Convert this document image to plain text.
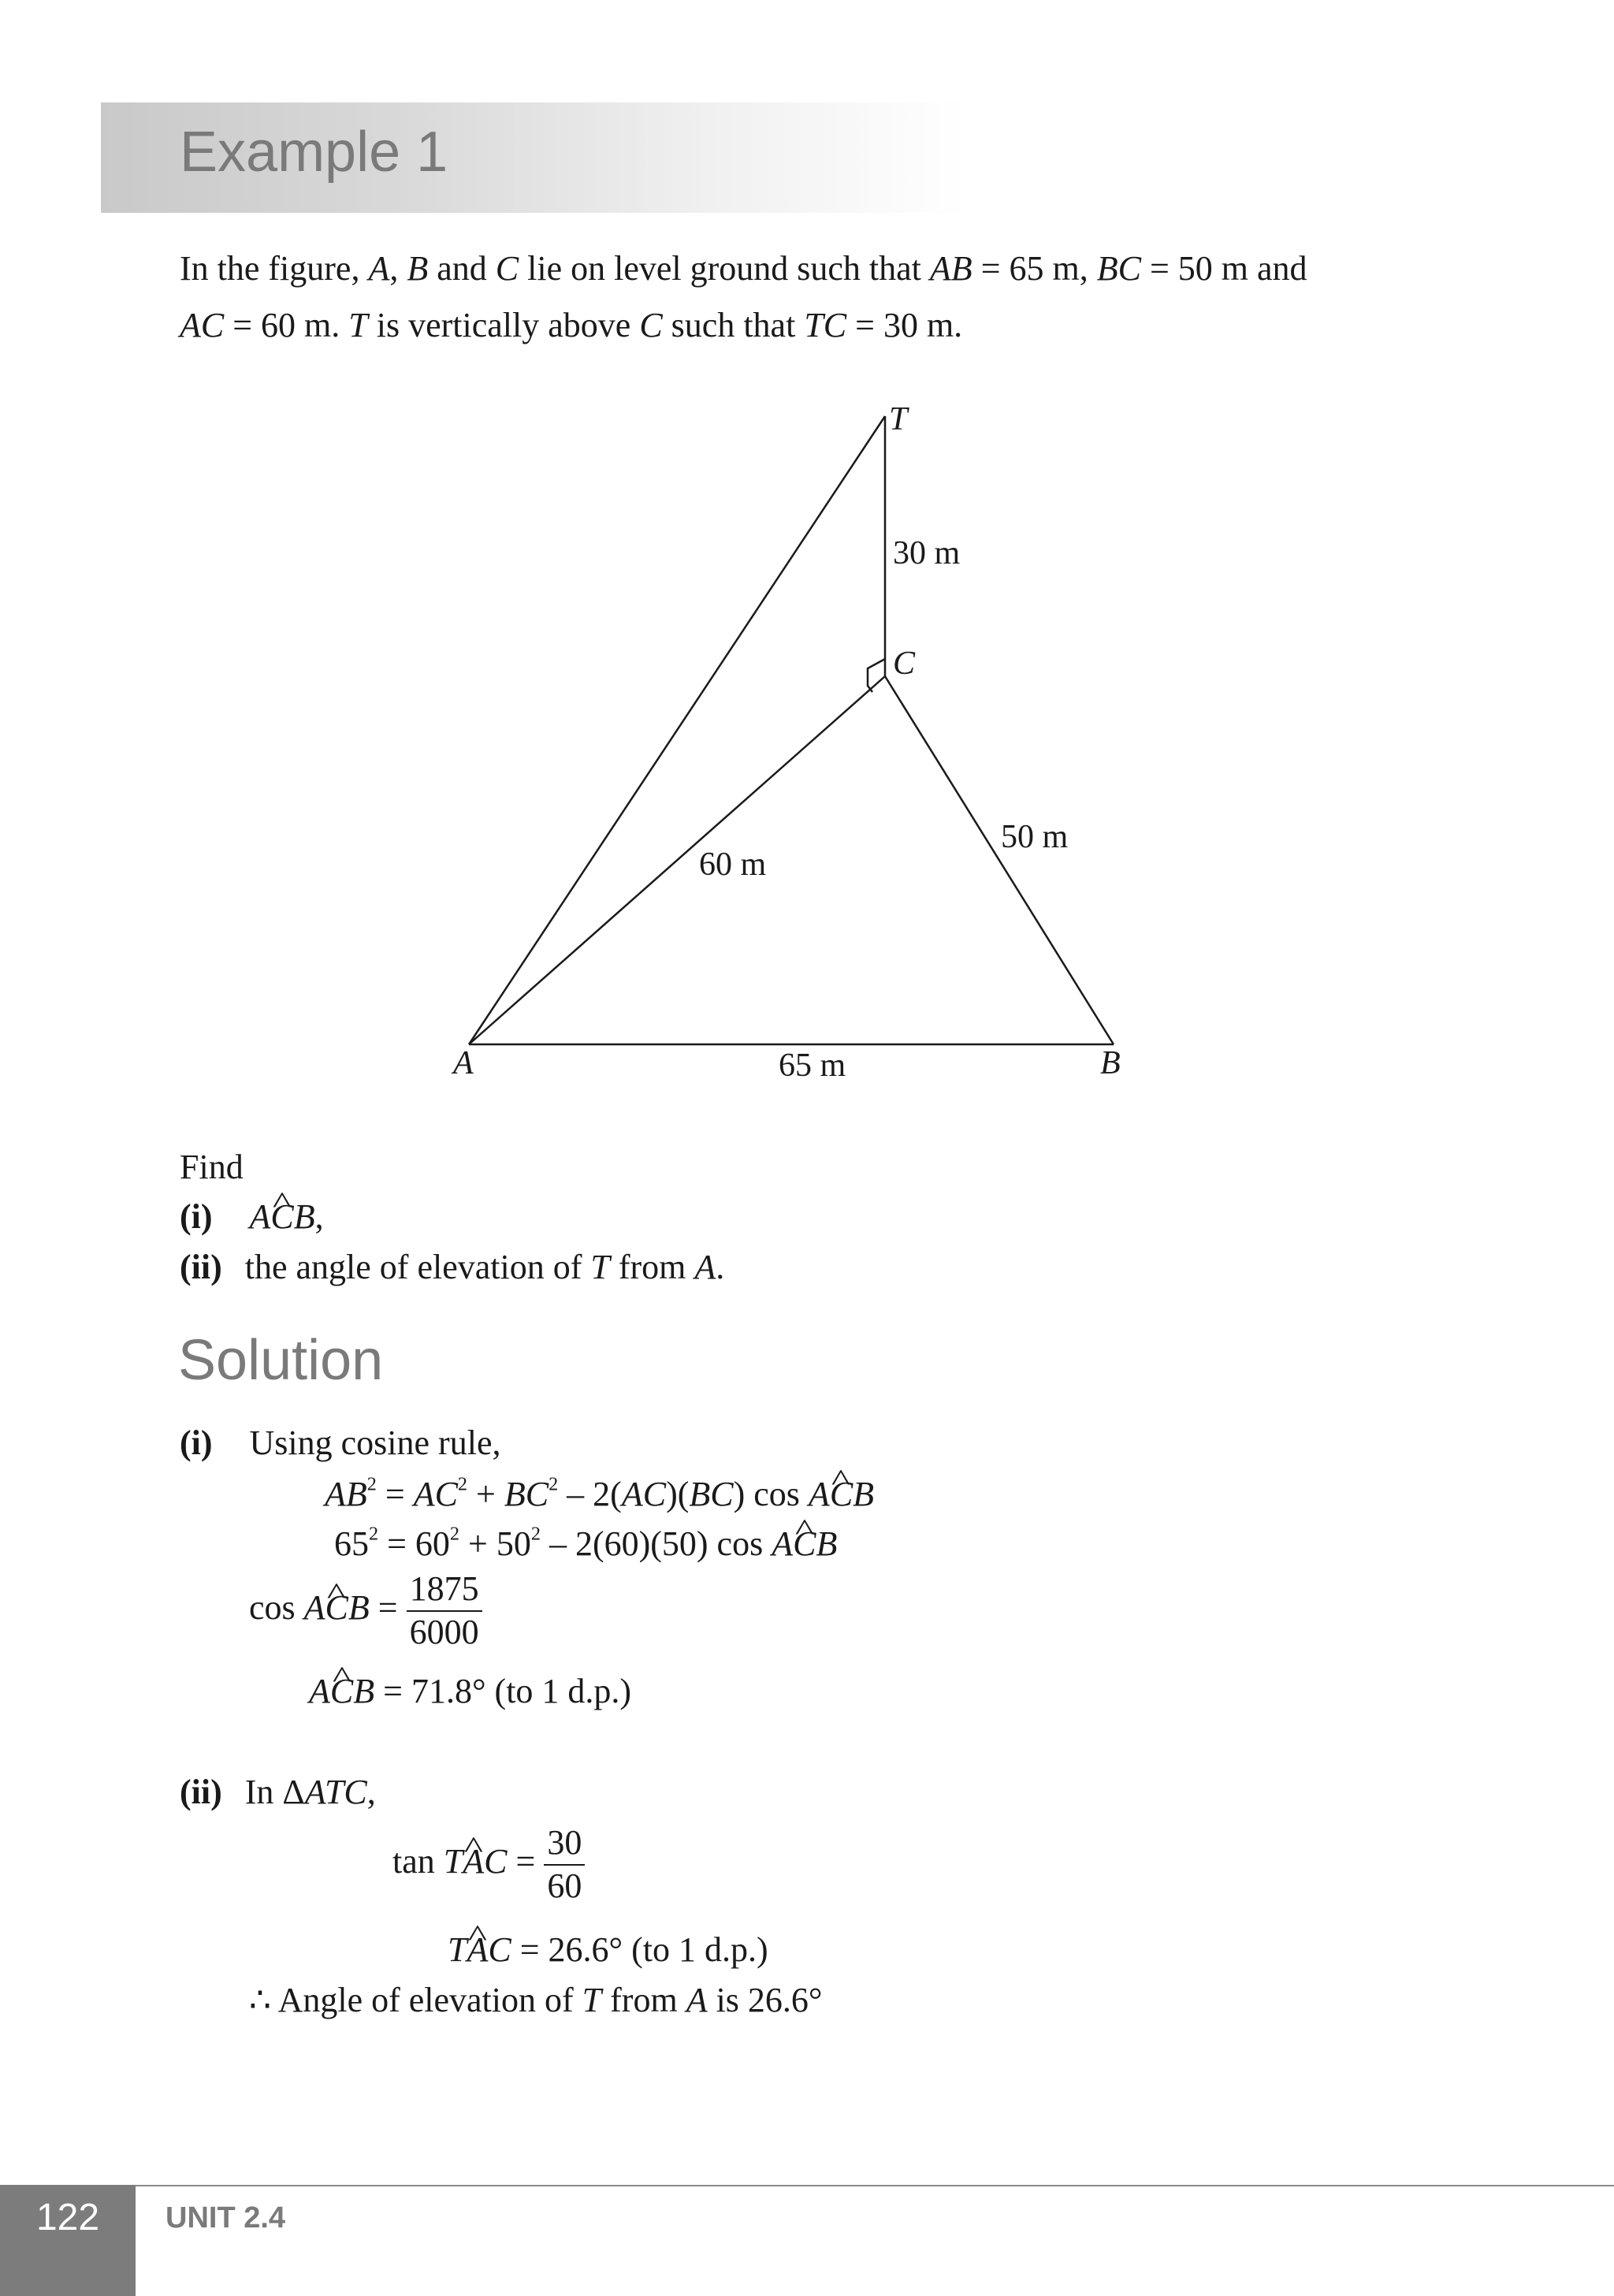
Example 1
In the figure, A, B and C lie on level ground such that AB = 65 m, BC = 50 m and
AC = 60 m. T is vertically above C such that TC = 30 m.
T
30 m
C
50 m
60 m
A	65 m	B
Find
(i) A^ CB,
(ii) the angle of elevation of T from A.
Solution
(i) Using cosine rule,
$AB^2 = AC^2 + BC^2 - 2(AC)(BC)$ cos A^ CB
$65^2 = 60^2 + 50^2 - 2(60)(50)$ cos A^ CB
cos A^ CB = $\frac{1875}{6000}$
A^ CB = 71.8° (to 1 d.p.)
(ii) In ΔATC,
tan T^ AC = $\frac{30}{60}$
T^ AC = 26.6° (to 1 d.p.)
∴ Angle of elevation of T from A is 26.6°
122	UNIT 2.4
